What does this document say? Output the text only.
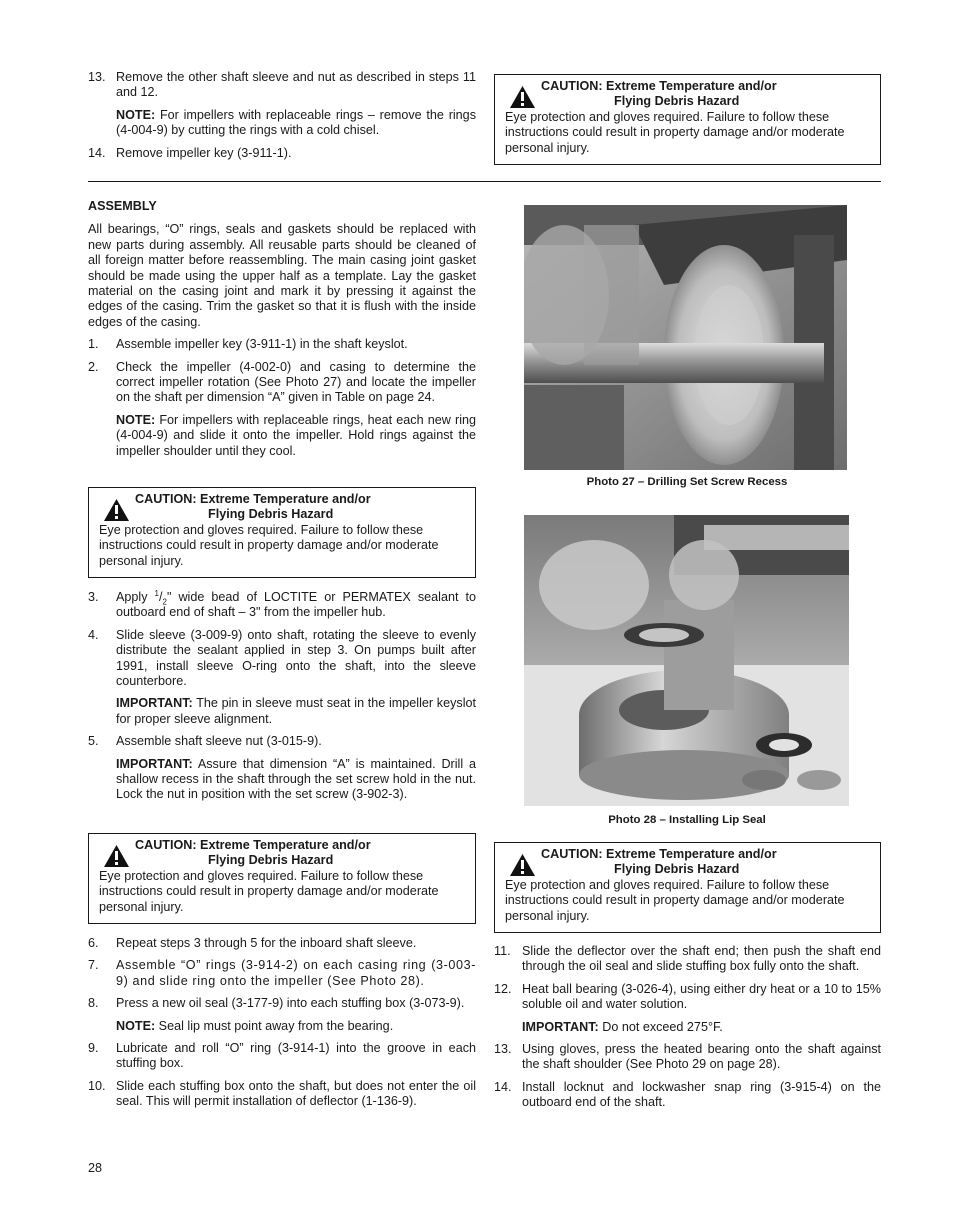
13. Remove the other shaft sleeve and nut as described in steps 11 and 12.
NOTE: For impellers with replaceable rings – remove the rings (4-004-9) by cutting the rings with a cold chisel.
14. Remove impeller key (3-911-1).
CAUTION: Extreme Temperature and/or
Flying Debris Hazard
Eye protection and gloves required. Failure to follow these instructions could result in property damage and/or moderate personal injury.
ASSEMBLY
All bearings, “O” rings, seals and gaskets should be replaced with new parts during assembly. All reusable parts should be cleaned of all foreign matter before reassembling. The main casing joint gasket should be made using the upper half as a template. Lay the gasket material on the casing joint and mark it by pressing it against the edges of the casing. Trim the gasket so that it is flush with the inside edges of the casing.
1. Assemble impeller key (3-911-1) in the shaft keyslot.
2. Check the impeller (4-002-0) and casing to determine the correct impeller rotation (See Photo 27) and locate the impeller on the shaft per dimension “A” given in Table on page 24.
NOTE: For impellers with replaceable rings, heat each new ring (4-004-9) and slide it onto the impeller. Hold rings against the impeller shoulder until they cool.
CAUTION: Extreme Temperature and/or
Flying Debris Hazard
Eye protection and gloves required. Failure to follow these instructions could result in property damage and/or moderate personal injury.
3. Apply $^1/_2$" wide bead of LOCTITE or PERMATEX sealant to outboard end of shaft – 3" from the impeller hub.
4. Slide sleeve (3-009-9) onto shaft, rotating the sleeve to evenly distribute the sealant applied in step 3. On pumps built after 1991, install sleeve O-ring onto the shaft, into the sleeve counterbore.
IMPORTANT: The pin in sleeve must seat in the impeller keyslot for proper sleeve alignment.
5. Assemble shaft sleeve nut (3-015-9).
IMPORTANT: Assure that dimension “A” is maintained. Drill a shallow recess in the shaft through the set screw hold in the nut. Lock the nut in position with the set screw (3-902-3).
CAUTION: Extreme Temperature and/or
Flying Debris Hazard
Eye protection and gloves required. Failure to follow these instructions could result in property damage and/or moderate personal injury.
6. Repeat steps 3 through 5 for the inboard shaft sleeve.
7. Assemble “O” rings (3-914-2) on each casing ring (3-003-9) and slide ring onto the impeller (See Photo 28).
8. Press a new oil seal (3-177-9) into each stuffing box (3-073-9).
NOTE: Seal lip must point away from the bearing.
9. Lubricate and roll “O” ring (3-914-1) into the groove in each stuffing box.
10. Slide each stuffing box onto the shaft, but does not enter the oil seal. This will permit installation of deflector (1-136-9).
Photo 27 – Drilling Set Screw Recess
Photo 28 – Installing Lip Seal
CAUTION: Extreme Temperature and/or
Flying Debris Hazard
Eye protection and gloves required. Failure to follow these instructions could result in property damage and/or moderate personal injury.
11. Slide the deflector over the shaft end; then push the shaft end through the oil seal and slide stuffing box fully onto the shaft.
12. Heat ball bearing (3-026-4), using either dry heat or a 10 to 15% soluble oil and water solution.
IMPORTANT: Do not exceed 275°F.
13. Using gloves, press the heated bearing onto the shaft against the shaft shoulder (See Photo 29 on page 28).
14. Install locknut and lockwasher snap ring (3-915-4) on the outboard end of the shaft.
28
